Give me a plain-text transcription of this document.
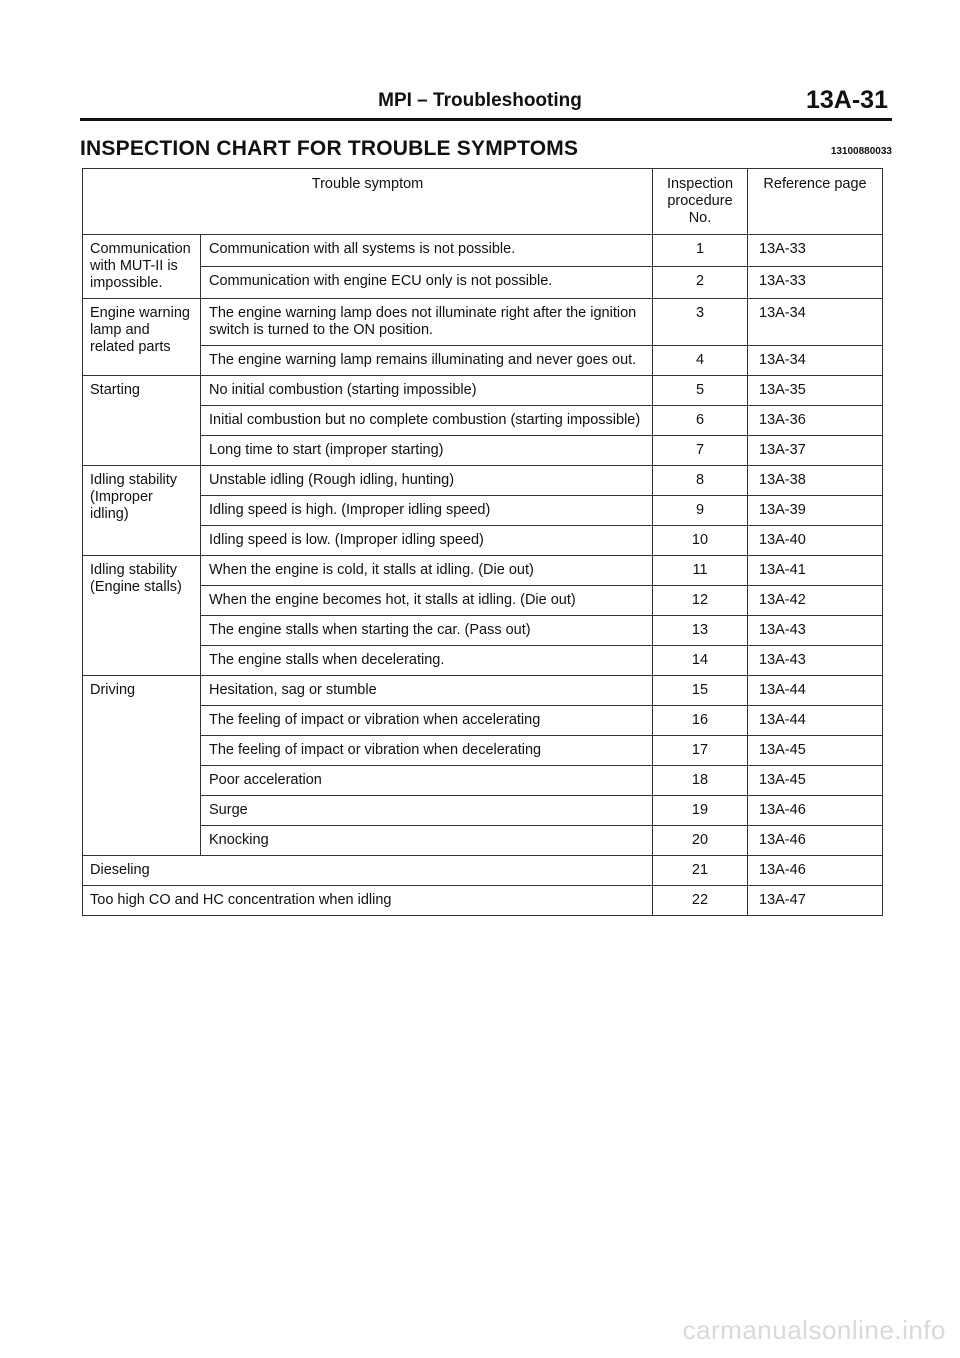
MPI – Troubleshooting	13A-31
INSPECTION CHART FOR TROUBLE SYMPTOMS	13100880033
Trouble symptom		Inspection procedure No.	Reference page
Communication with MUT-II is impossible.	Communication with all systems is not possible.	1	13A-33
	Communication with engine ECU only is not possible.	2	13A-33
Engine warning lamp and related parts	The engine warning lamp does not illuminate right after the ignition switch is turned to the ON position.	3	13A-34
	The engine warning lamp remains illuminating and never goes out.	4	13A-34
Starting	No initial combustion (starting impossible)	5	13A-35
	Initial combustion but no complete combustion (starting impossible)	6	13A-36
	Long time to start (improper starting)	7	13A-37
Idling stability (Improper idling)	Unstable idling (Rough idling, hunting)	8	13A-38
	Idling speed is high. (Improper idling speed)	9	13A-39
	Idling speed is low. (Improper idling speed)	10	13A-40
Idling stability (Engine stalls)	When the engine is cold, it stalls at idling. (Die out)	11	13A-41
	When the engine becomes hot, it stalls at idling. (Die out)	12	13A-42
	The engine stalls when starting the car. (Pass out)	13	13A-43
	The engine stalls when decelerating.	14	13A-43
Driving	Hesitation, sag or stumble	15	13A-44
	The feeling of impact or vibration when accelerating	16	13A-44
	The feeling of impact or vibration when decelerating	17	13A-45
	Poor acceleration	18	13A-45
	Surge	19	13A-46
	Knocking	20	13A-46
Dieseling		21	13A-46
Too high CO and HC concentration when idling		22	13A-47
carmanualsonline.info
